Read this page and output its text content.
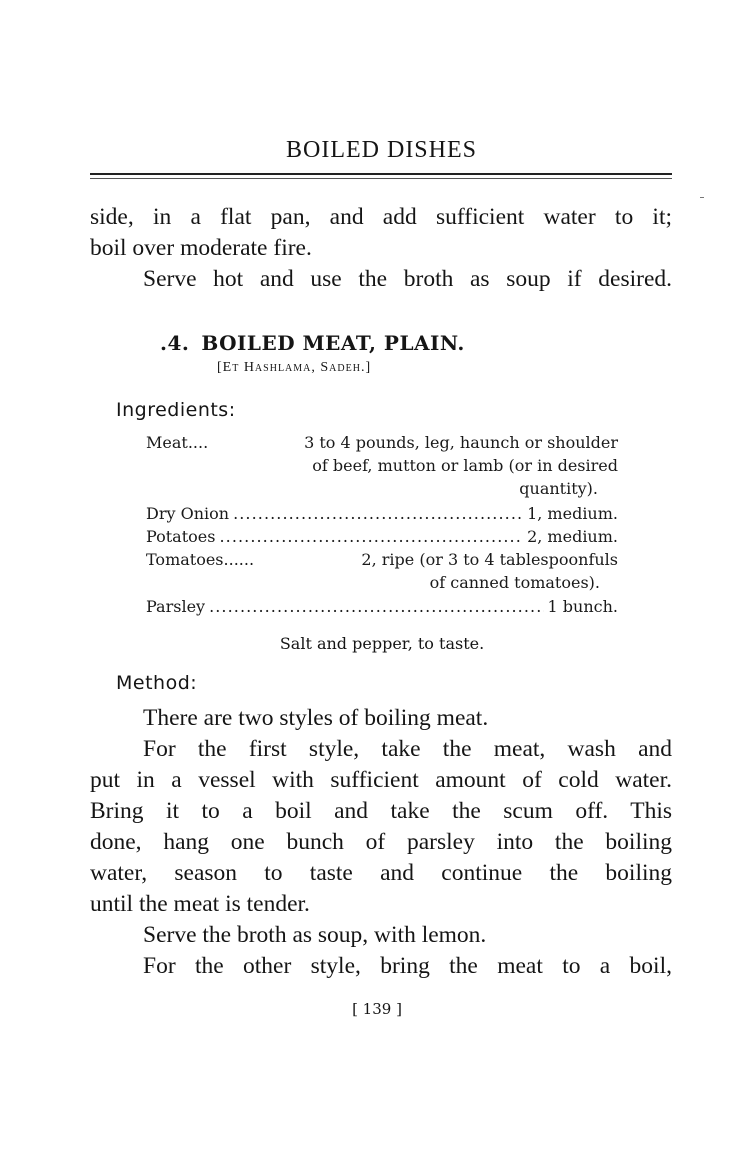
BOILED DISHES
side, in a flat pan, and add sufficient water to it;
boil over moderate fire.
Serve hot and use the broth as soup if desired.
.4. BOILED MEAT, PLAIN.
[Et Hashlama, Sadeh.]
Ingredients:
Meat....	3 to 4 pounds, leg, haunch or shoulder
of beef, mutton or lamb (or in desired
quantity).
Dry Onion . . .	1, medium.
Potatoes . . .	2, medium.
Tomatoes......	2, ripe (or 3 to 4 tablespoonfuls
of canned tomatoes).
Parsley . . .	1 bunch.
Salt and pepper, to taste.
Method:
There are two styles of boiling meat.
For the first style, take the meat, wash and
put in a vessel with sufficient amount of cold water.
Bring it to a boil and take the scum off. This
done, hang one bunch of parsley into the boiling
water, season to taste and continue the boiling
until the meat is tender.
Serve the broth as soup, with lemon.
For the other style, bring the meat to a boil,
[ 139 ]
